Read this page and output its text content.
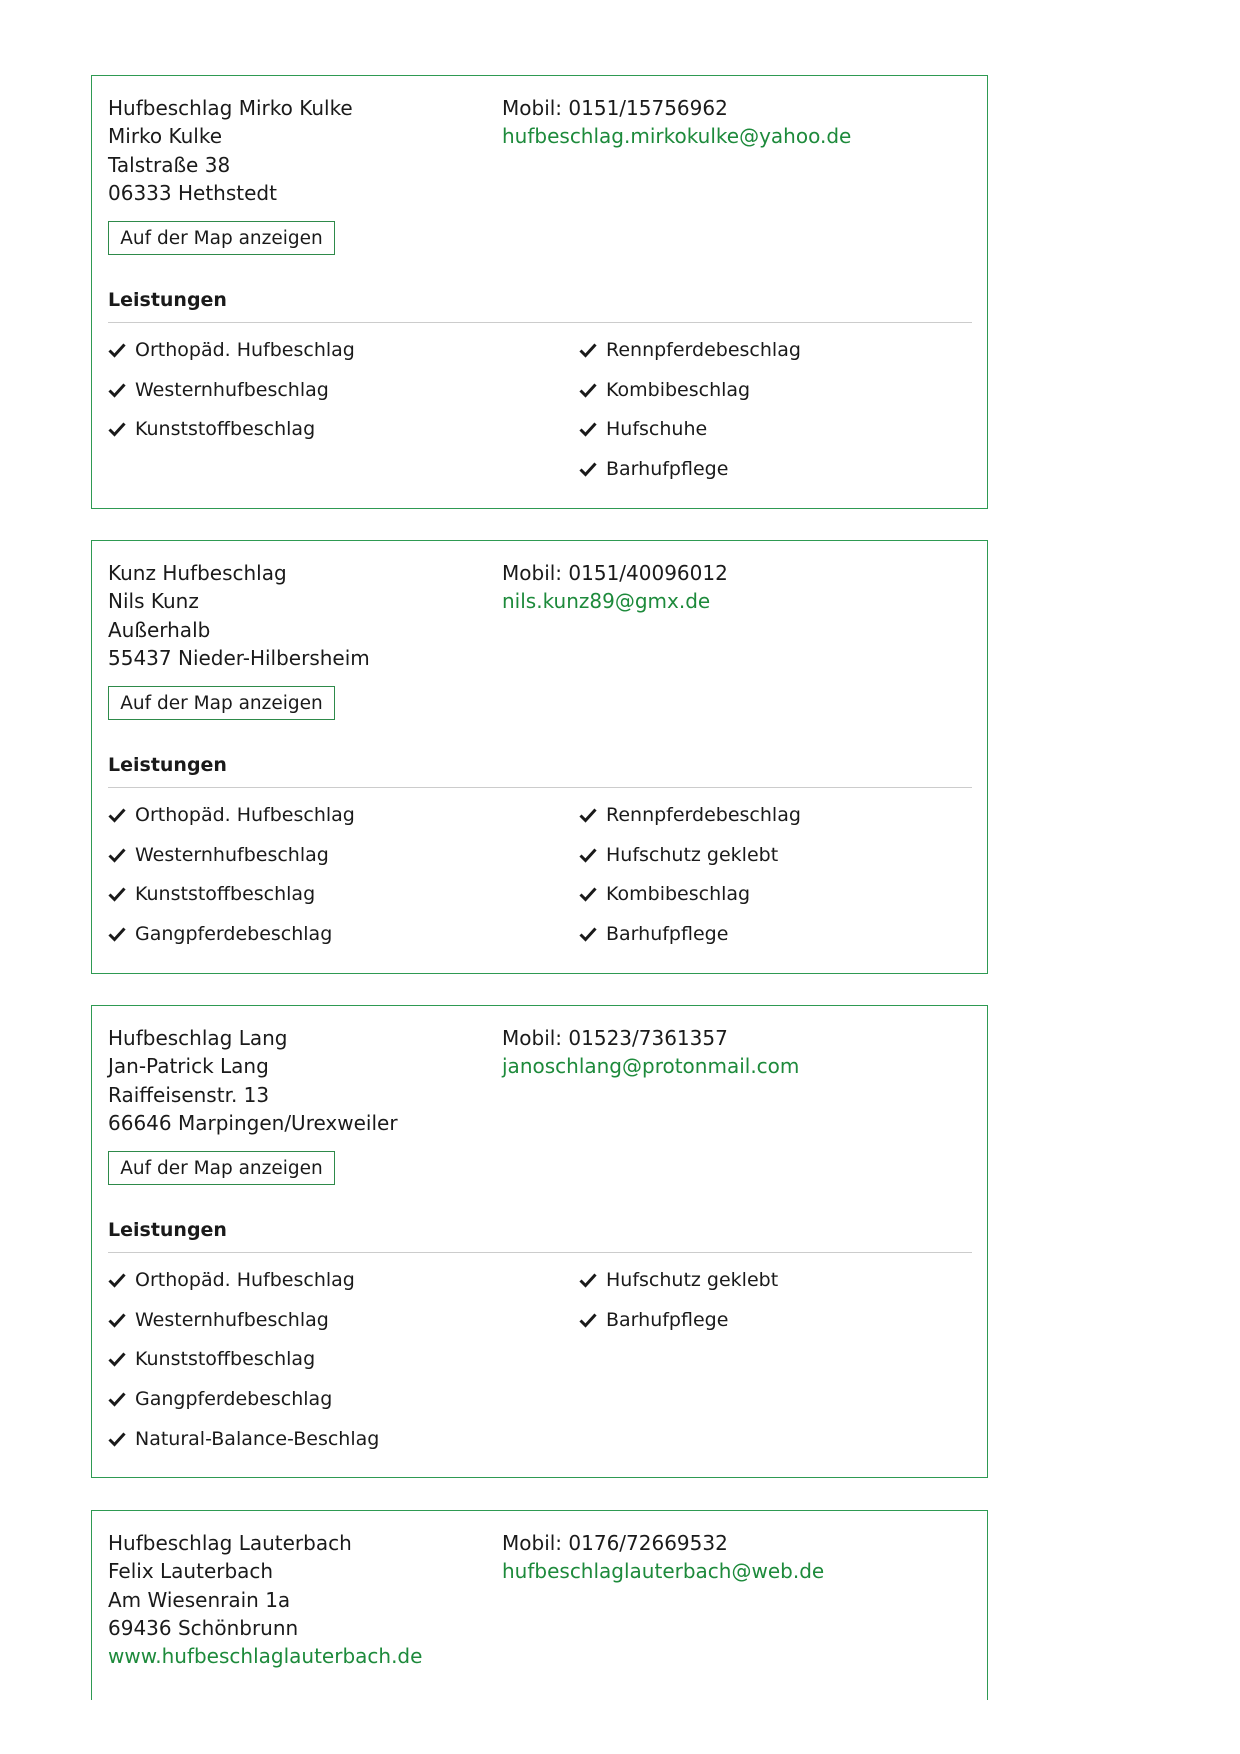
Hufbeschlag Mirko Kulke
Mirko Kulke
Talstraße 38
06333 Hethstedt
Mobil: 0151/15756962
hufbeschlag.mirkokulke@yahoo.de
Auf der Map anzeigen
Leistungen
Orthopäd. Hufbeschlag
Westernhufbeschlag
Kunststoffbeschlag
Rennpferdebeschlag
Kombibeschlag
Hufschuhe
Barhufpflege
Kunz Hufbeschlag
Nils Kunz
Außerhalb
55437 Nieder-Hilbersheim
Mobil: 0151/40096012
nils.kunz89@gmx.de
Auf der Map anzeigen
Leistungen
Orthopäd. Hufbeschlag
Westernhufbeschlag
Kunststoffbeschlag
Gangpferdebeschlag
Rennpferdebeschlag
Hufschutz geklebt
Kombibeschlag
Barhufpflege
Hufbeschlag Lang
Jan-Patrick Lang
Raiffeisenstr. 13
66646 Marpingen/Urexweiler
Mobil: 01523/7361357
janoschlang@protonmail.com
Auf der Map anzeigen
Leistungen
Orthopäd. Hufbeschlag
Westernhufbeschlag
Kunststoffbeschlag
Gangpferdebeschlag
Natural-Balance-Beschlag
Hufschutz geklebt
Barhufpflege
Hufbeschlag Lauterbach
Felix Lauterbach
Am Wiesenrain 1a
69436 Schönbrunn
www.hufbeschlaglauterbach.de
Mobil: 0176/72669532
hufbeschlaglauterbach@web.de
